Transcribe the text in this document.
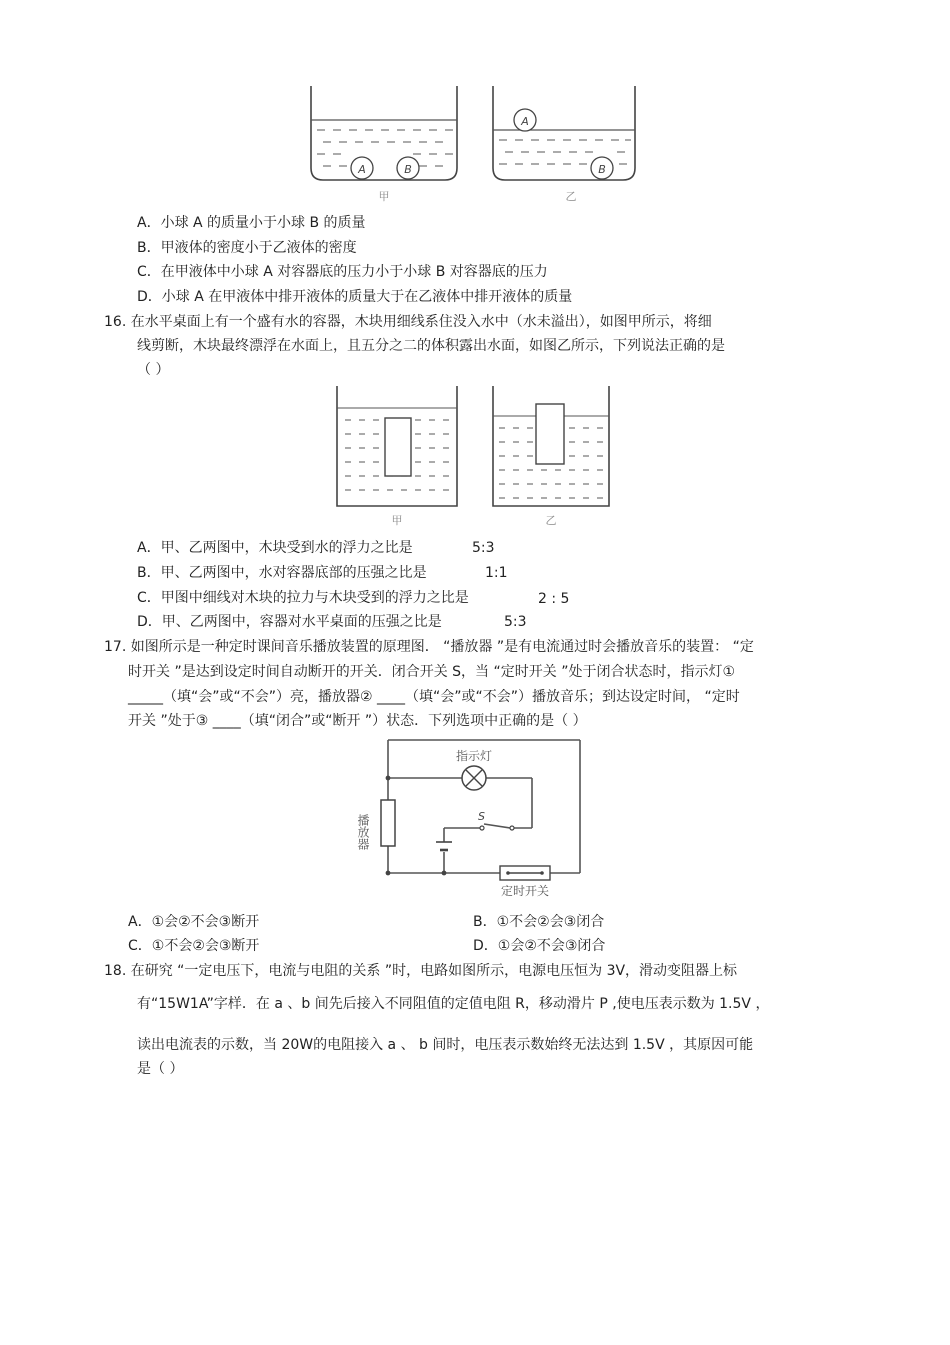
A	B
甲
A
B
乙
A．小球 A 的质量小于小球 B 的质量
B．甲液体的密度小于乙液体的密度
C．在甲液体中小球 A 对容器底的压力小于小球 B 对容器底的压力
D．小球 A 在甲液体中排开液体的质量大于在乙液体中排开液体的质量
16. 在水平桌面上有一个盛有水的容器，木块用细线系住没入水中（水未溢出），如图甲所示，将细
线剪断，木块最终漂浮在水面上，且五分之二的体积露出水面，如图乙所示，下列说法正确的是
（ ）
甲	乙
A．甲、乙两图中，木块受到水的浮力之比是	5:3
B．甲、乙两图中，水对容器底部的压强之比是	1:1
C．甲图中细线对木块的拉力与木块受到的浮力之比是	2 : 5
D．甲、乙两图中，容器对水平桌面的压强之比是	5:3
17. 如图所示是一种定时课间音乐播放装置的原理图． “播放器 ”是有电流通过时会播放音乐的装置： “定
时开关 ”是达到设定时间自动断开的开关．闭合开关 S，当 “定时开关 ”处于闭合状态时，指示灯①
_____（填“会”或“不会”）亮，播放器② ____（填“会”或“不会”）播放音乐；到达设定时间， “定时
开关 ”处于③ ____（填“闭合”或“断开 ”）状态．下列选项中正确的是（ ）
S
指示灯
播放器
定时开关
A．①会②不会③断开	B．①不会②会③闭合
C．①不会②会③断开	D．①会②不会③闭合
18. 在研究 “一定电压下，电流与电阻的关系 ”时，电路如图所示，电源电压恒为 3V，滑动变阻器上标
有“15W1A”字样．在 a 、b 间先后接入不同阻值的定值电阻 R，移动滑片 P ,使电压表示数为 1.5V ，
读出电流表的示数，当 20W的电阻接入 a 、 b 间时，电压表示数始终无法达到 1.5V ，其原因可能
是（ ）
